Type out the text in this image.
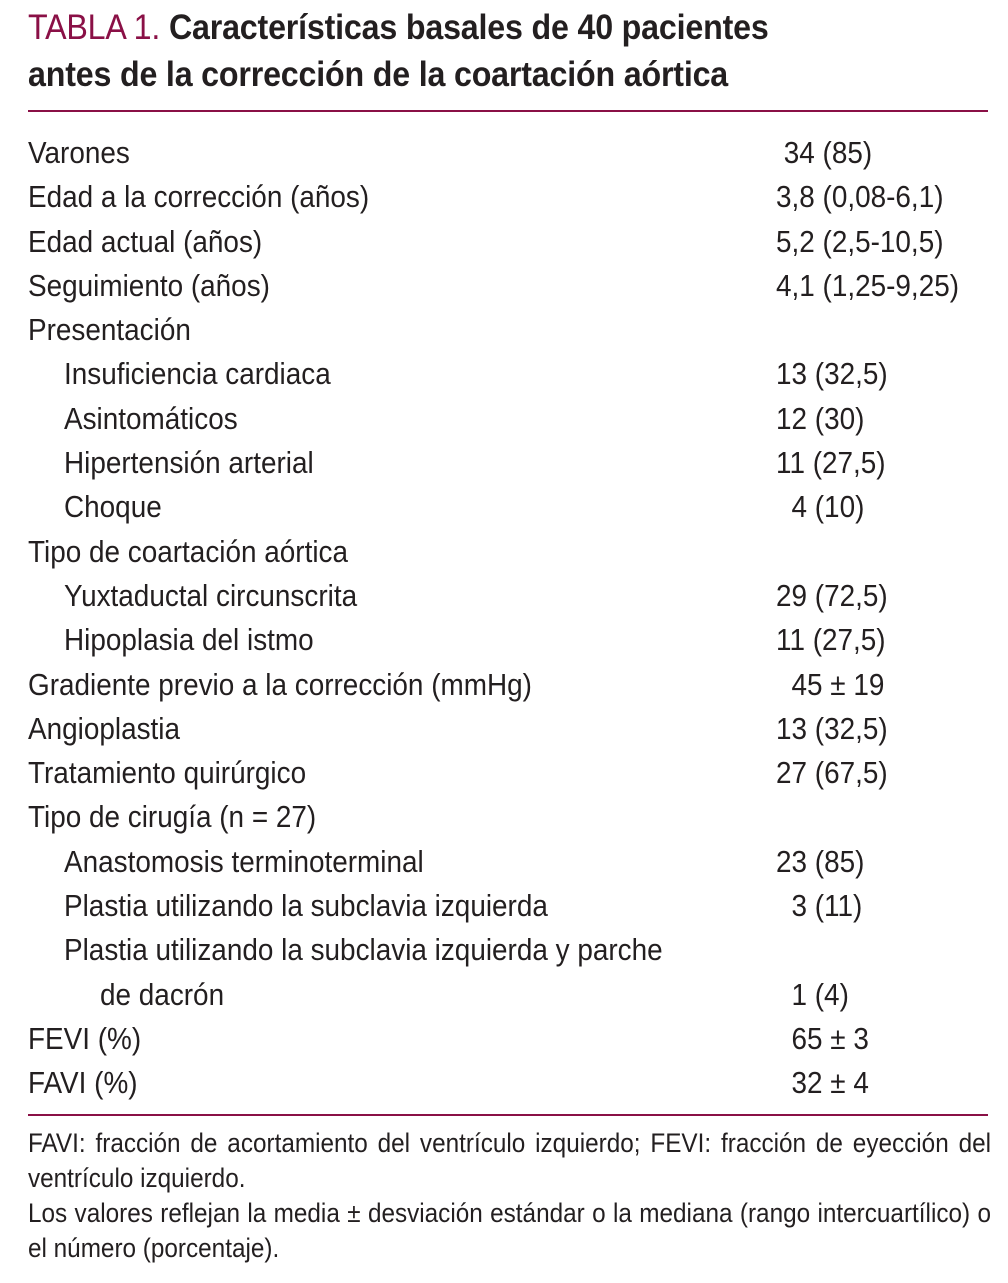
TABLA 1. Características basales de 40 pacientes
antes de la corrección de la coartación aórtica
Varones	34 (85)
Edad a la corrección (años)	3,8 (0,08-6,1)
Edad actual (años)	5,2 (2,5-10,5)
Seguimiento (años)	4,1 (1,25-9,25)
Presentación
Insuficiencia cardiaca	13 (32,5)
Asintomáticos	12 (30)
Hipertensión arterial	11 (27,5)
Choque	4 (10)
Tipo de coartación aórtica
Yuxtaductal circunscrita	29 (72,5)
Hipoplasia del istmo	11 (27,5)
Gradiente previo a la corrección (mmHg)	45 ± 19
Angioplastia	13 (32,5)
Tratamiento quirúrgico	27 (67,5)
Tipo de cirugía (n = 27)
Anastomosis terminoterminal	23 (85)
Plastia utilizando la subclavia izquierda	3 (11)
Plastia utilizando la subclavia izquierda y parche
de dacrón	1 (4)
FEVI (%)	65 ± 3
FAVI (%)	32 ± 4

FAVI: fracción de acortamiento del ventrículo izquierdo; FEVI: fracción de eyección del ventrículo izquierdo.

Los valores reflejan la media ± desviación estándar o la mediana (rango intercuartílico) o el número (porcentaje).
